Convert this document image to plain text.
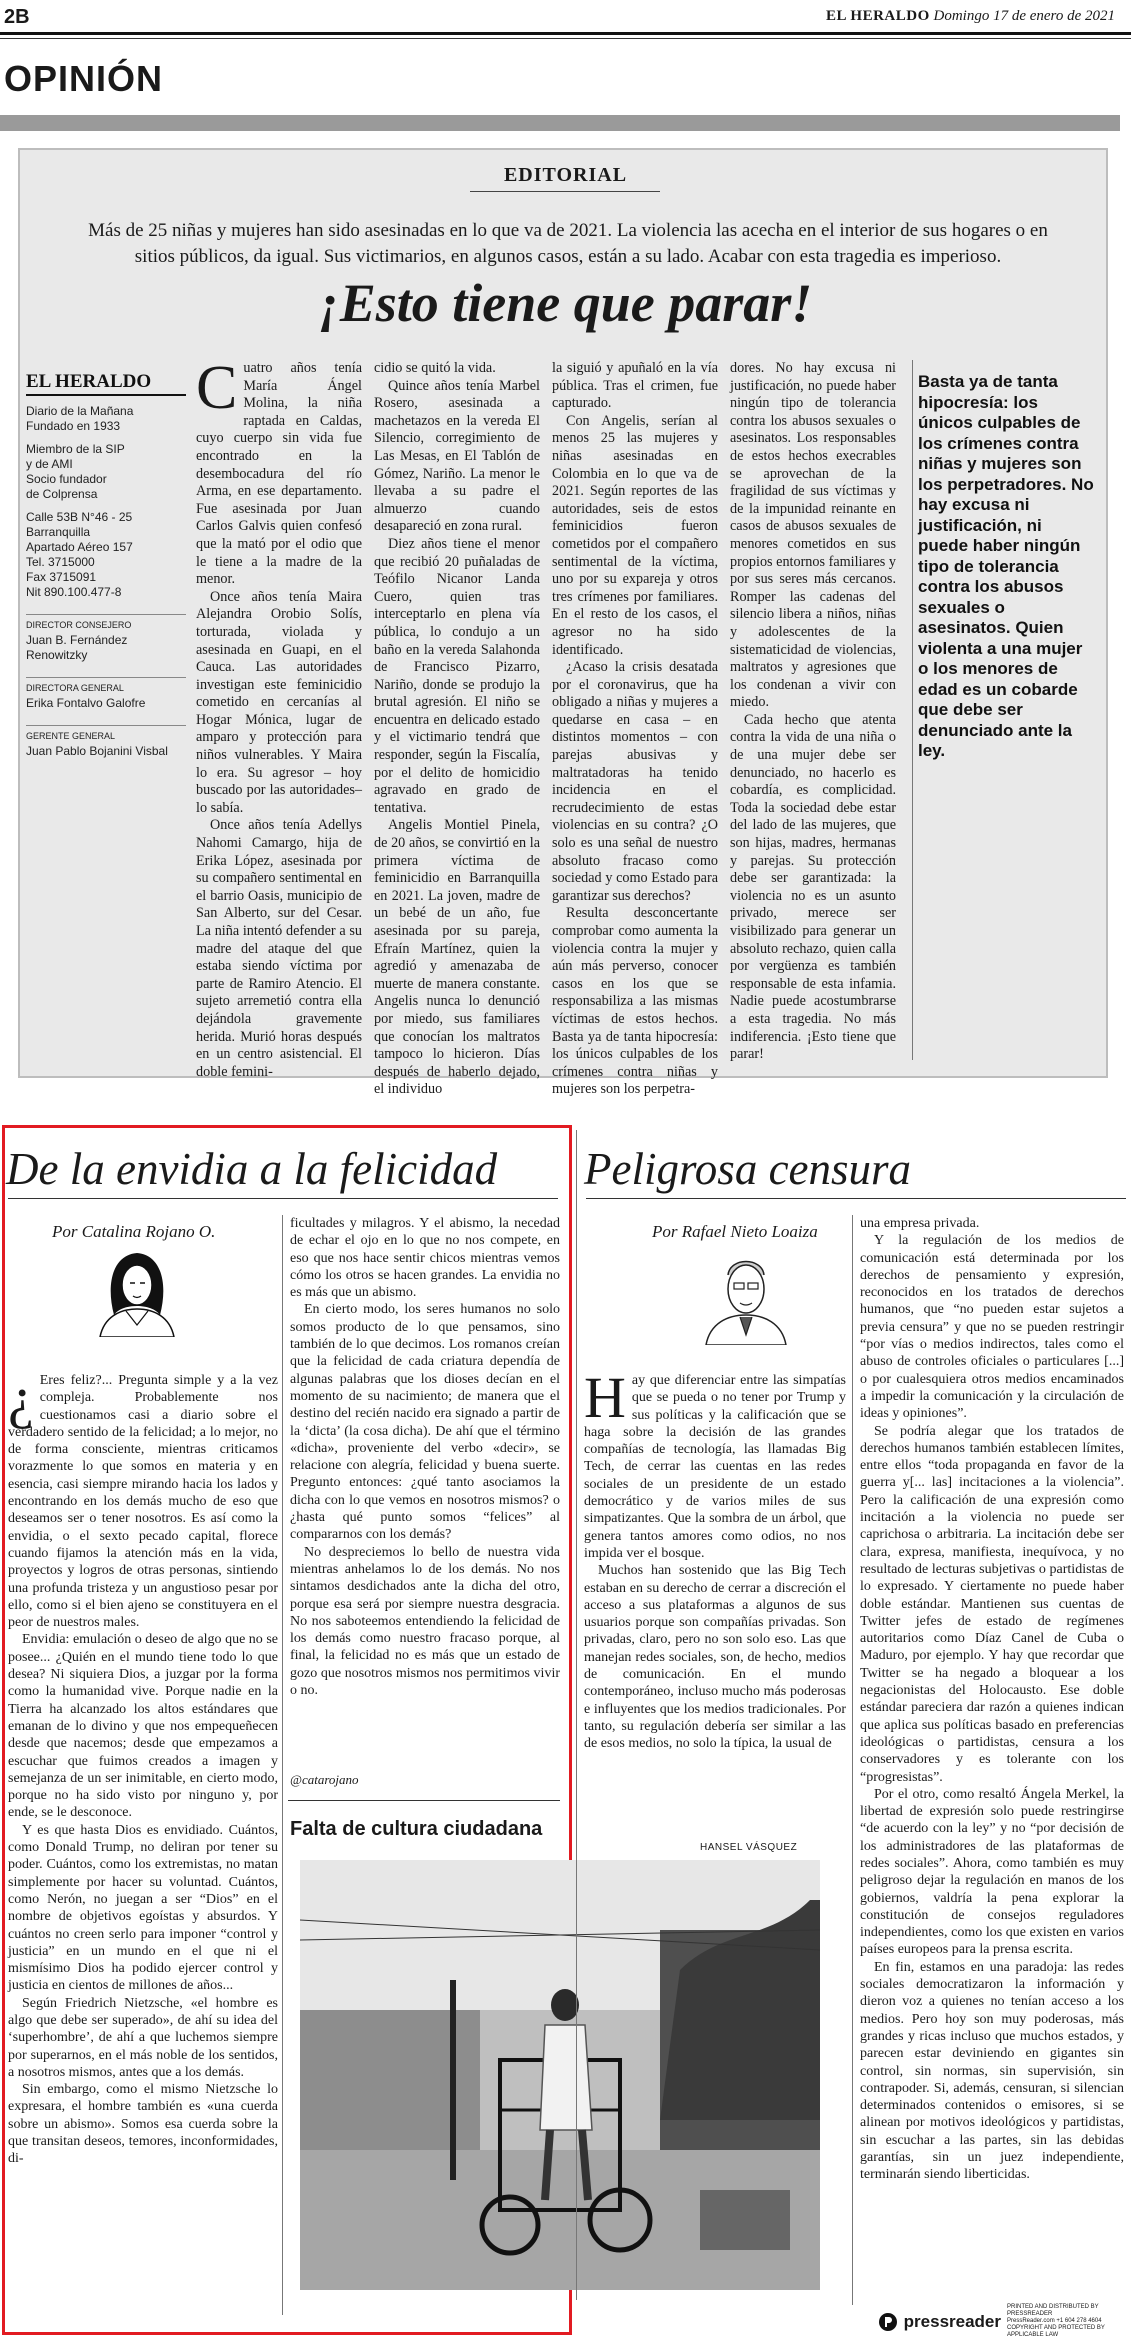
2B	EL HERALDO Domingo 17 de enero de 2021
OPINIÓN
EDITORIAL
Más de 25 niñas y mujeres han sido asesinadas en lo que va de 2021. La violencia las acecha en el interior de sus hogares o en sitios públicos, da igual. Sus victimarios, en algunos casos, están a su lado. Acabar con esta tragedia es imperioso.
¡Esto tiene que parar!
EL HERALDO
Diario de la Mañana
Fundado en 1933
Miembro de la SIP
y de AMI
Socio fundador
de Colprensa
Calle 53B N°46 - 25
Barranquilla
Apartado Aéreo 157
Tel. 3715000
Fax 3715091
Nit 890.100.477-8
DIRECTOR CONSEJERO
Juan B. Fernández
Renowitzky
DIRECTORA GENERAL
Erika Fontalvo Galofre
GERENTE GENERAL
Juan Pablo Bojanini Visbal

Cuatro años tenía María Ángel Molina, la niña raptada en Caldas, cuyo cuerpo sin vida fue encontrado en la desembocadura del río Arma, en ese departamento. Fue asesinada por Juan Carlos Galvis quien confesó que la mató por el odio que le tiene a la madre de la menor.

Once años tenía Maira Alejandra Orobio Solís, torturada, violada y asesinada en Guapi, en el Cauca. Las autoridades investigan este feminicidio cometido en cercanías al Hogar Mónica, lugar de amparo y protección para niños vulnerables. Y Maira lo era. Su agresor – hoy buscado por las autoridades– lo sabía.

Once años tenía Adellys Nahomi Camargo, hija de Erika López, asesinada por su compañero sentimental en el barrio Oasis, municipio de San Alberto, sur del Cesar. La niña intentó defender a su madre del ataque del que estaba siendo víctima por parte de Ramiro Atencio. El sujeto arremetió contra ella dejándola gravemente herida. Murió horas después en un centro asistencial. El doble femini-

cidio se quitó la vida.

Quince años tenía Marbel Rosero, asesinada a machetazos en la vereda El Silencio, corregimiento de Las Mesas, en El Tablón de Gómez, Nariño. La menor le llevaba a su padre el almuerzo cuando desapareció en zona rural.

Diez años tiene el menor que recibió 20 puñaladas de Teófilo Nicanor Landa Cuero, quien tras interceptarlo en plena vía pública, lo condujo a un baño en la vereda Salahonda de Francisco Pizarro, Nariño, donde se produjo la brutal agresión. El niño se encuentra en delicado estado y el victimario tendrá que responder, según la Fiscalía, por el delito de homicidio agravado en grado de tentativa.

Angelis Montiel Pinela, de 20 años, se convirtió en la primera víctima de feminicidio en Barranquilla en 2021. La joven, madre de un bebé de un año, fue asesinada por su pareja, Efraín Martínez, quien la agredió y amenazaba de muerte de manera constante. Angelis nunca lo denunció por miedo, sus familiares que conocían los maltratos tampoco lo hicieron. Días después de haberlo dejado, el individuo

la siguió y apuñaló en la vía pública. Tras el crimen, fue capturado.

Con Angelis, serían al menos 25 las mujeres y niñas asesinadas en Colombia en lo que va de 2021. Según reportes de las autoridades, seis de estos feminicidios fueron cometidos por el compañero sentimental de la víctima, uno por su expareja y otros tres crímenes por familiares. En el resto de los casos, el agresor no ha sido identificado.

¿Acaso la crisis desatada por el coronavirus, que ha obligado a niñas y mujeres a quedarse en casa – en distintos momentos – con parejas abusivas y maltratadoras ha tenido incidencia en el recrudecimiento de estas violencias en su contra? ¿O solo es una señal de nuestro absoluto fracaso como sociedad y como Estado para garantizar sus derechos?

Resulta desconcertante comprobar como aumenta la violencia contra la mujer y aún más perverso, conocer casos en los que se responsabiliza a las mismas víctimas de estos hechos. Basta ya de tanta hipocresía: los únicos culpables de los crímenes contra niñas y mujeres son los perpetra-

dores. No hay excusa ni justificación, no puede haber ningún tipo de tolerancia contra los abusos sexuales o asesinatos. Los responsables de estos hechos execrables se aprovechan de la fragilidad de sus víctimas y de la impunidad reinante en casos de abusos sexuales de menores cometidos en sus propios entornos familiares y por sus seres más cercanos. Romper las cadenas del silencio libera a niños, niñas y adolescentes de la sistematicidad de violencias, maltratos y agresiones que los condenan a vivir con miedo.

Cada hecho que atenta contra la vida de una niña o de una mujer debe ser denunciado, no hacerlo es cobardía, es complicidad. Toda la sociedad debe estar del lado de las mujeres, que son hijas, madres, hermanas y parejas. Su protección debe ser garantizada: la violencia no es un asunto privado, merece ser visibilizado para generar un absoluto rechazo, quien calla por vergüenza es también responsable de esta infamia. Nadie puede acostumbrarse a esta tragedia. No más indiferencia. ¡Esto tiene que parar!

Basta ya de tanta hipocresía: los únicos culpables de los crímenes contra niñas y mujeres son los perpetradores. No hay excusa ni justificación, ni puede haber ningún tipo de tolerancia contra los abusos sexuales o asesinatos. Quien violenta a una mujer o los menores de edad es un cobarde que debe ser denunciado ante la ley.
De la envidia a la felicidad
Por Catalina Rojano O.

¿ Eres feliz?... Pregunta simple y a la vez compleja. Probablemente nos cuestionamos casi a diario sobre el verdadero sentido de la felicidad; a lo mejor, no de forma consciente, mientras criticamos vorazmente lo que somos en materia y en esencia, casi siempre mirando hacia los lados y encontrando en los demás mucho de eso que deseamos ser o tener nosotros. Es así como la envidia, o el sexto pecado capital, florece cuando fijamos la atención más en la vida, proyectos y logros de otras personas, sintiendo una profunda tristeza y un angustioso pesar por ello, como si el bien ajeno se constituyera en el peor de nuestros males.

Envidia: emulación o deseo de algo que no se posee... ¿Quién en el mundo tiene todo lo que desea? Ni siquiera Dios, a juzgar por la forma como la humanidad vive. Porque nadie en la Tierra ha alcanzado los altos estándares que emanan de lo divino y que nos empequeñecen desde que nacemos; desde que empezamos a escuchar que fuimos creados a imagen y semejanza de un ser inimitable, en cierto modo, porque no ha sido visto por ninguno y, por ende, se le desconoce.

Y es que hasta Dios es envidiado. Cuántos, como Donald Trump, no deliran por tener su poder. Cuántos, como los extremistas, no matan simplemente por hacer su voluntad. Cuántos, como Nerón, no juegan a ser “Dios” en el nombre de objetivos egoístas y absurdos. Y cuántos no creen serlo para imponer “control y justicia” en un mundo en el que ni el mismísimo Dios ha podido ejercer control y justicia en cientos de millones de años...

Según Friedrich Nietzsche, «el hombre es algo que debe ser superado», de ahí su idea del ‘superhombre’, de ahí a que luchemos siempre por superarnos, en el más noble de los sentidos, a nosotros mismos, antes que a los demás.

Sin embargo, como el mismo Nietzsche lo expresara, el hombre también es «una cuerda sobre un abismo». Somos esa cuerda sobre la que transitan deseos, temores, inconformidades, di-

ficultades y milagros. Y el abismo, la necedad de echar el ojo en lo que no nos compete, en eso que nos hace sentir chicos mientras vemos cómo los otros se hacen grandes. La envidia no es más que un abismo.

En cierto modo, los seres humanos no solo somos producto de lo que pensamos, sino también de lo que decimos. Los romanos creían que la felicidad de cada criatura dependía de algunas palabras que los dioses decían en el momento de su nacimiento; de manera que el destino del recién nacido era signado a partir de la ‘dicta’ (la cosa dicha). De ahí que el término «dicha», proveniente del verbo «decir», se relacione con alegría, felicidad y buena suerte. Pregunto entonces: ¿qué tanto asociamos la dicha con lo que vemos en nosotros mismos? o ¿hasta qué punto somos “felices” al compararnos con los demás?

No despreciemos lo bello de nuestra vida mientras anhelamos lo de los demás. No nos sintamos desdichados ante la dicha del otro, porque esa será por siempre nuestra desgracia. No nos saboteemos entendiendo la felicidad de los demás como nuestro fracaso porque, al final, la felicidad no es más que un estado de gozo que nosotros mismos nos permitimos vivir o no.

@catarojano
Falta de cultura ciudadana
HANSEL VÁSQUEZ
Peligrosa censura
Por Rafael Nieto Loaiza

Hay que diferenciar entre las simpatías que se pueda o no tener por Trump y sus políticas y la calificación que se haga sobre la decisión de las grandes compañías de tecnología, las llamadas Big Tech, de cerrar las cuentas en las redes sociales de un presidente de un estado democrático y de varios miles de sus simpatizantes. Que la sombra de un árbol, que genera tantos amores como odios, no nos impida ver el bosque.

Muchos han sostenido que las Big Tech estaban en su derecho de cerrar a discreción el acceso a sus plataformas a algunos de sus usuarios porque son compañías privadas. Son privadas, claro, pero no son solo eso. Las que manejan redes sociales, son, de hecho, medios de comunicación. En el mundo contemporáneo, incluso mucho más poderosas e influyentes que los medios tradicionales. Por tanto, su regulación debería ser similar a las de esos medios, no solo la típica, la usual de

una empresa privada.

Y la regulación de los medios de comunicación está determinada por los derechos de pensamiento y expresión, reconocidos en los tratados de derechos humanos, que “no pueden estar sujetos a previa censura” y que no se pueden restringir “por vías o medios indirectos, tales como el abuso de controles oficiales o particulares [...] o por cualesquiera otros medios encaminados a impedir la comunicación y la circulación de ideas y opiniones”.

Se podría alegar que los tratados de derechos humanos también establecen límites, entre ellos “toda propaganda en favor de la guerra y[... las] incitaciones a la violencia”. Pero la calificación de una expresión como incitación a la violencia no puede ser caprichosa o arbitraria. La incitación debe ser clara, expresa, manifiesta, inequívoca, y no resultado de lecturas subjetivas o partidistas de lo expresado. Y ciertamente no puede haber doble estándar. Mantienen sus cuentas de Twitter jefes de estado de regímenes autoritarios como Díaz Canel de Cuba o Maduro, por ejemplo. Y hay que recordar que Twitter se ha negado a bloquear a los negacionistas del Holocausto. Ese doble estándar pareciera dar razón a quienes indican que aplica sus políticas basado en preferencias ideológicas o partidistas, censura a los conservadores y es tolerante con los “progresistas”.

Por el otro, como resaltó Ángela Merkel, la libertad de expresión solo puede restringirse “de acuerdo con la ley” y no “por decisión de los administradores de las plataformas de redes sociales”. Ahora, como también es muy peligroso dejar la regulación en manos de los gobiernos, valdría la pena explorar la constitución de consejos reguladores independientes, como los que existen en varios países europeos para la prensa escrita.

En fin, estamos en una paradoja: las redes sociales democratizaron la información y dieron voz a quienes no tenían acceso a los medios. Pero hoy son muy poderosas, más grandes y ricas incluso que muchos estados, y parecen estar deviniendo en gigantes sin control, sin normas, sin supervisión, sin contrapoder. Si, además, censuran, si silencian determinados contenidos o emisores, si se alinean por motivos ideológicos y partidistas, sin escuchar a las partes, sin las debidas garantías, sin un juez independiente, terminarán siendo liberticidas.

pressreader
PRINTED AND DISTRIBUTED BY PRESSREADER
PressReader.com +1 604 278 4604
COPYRIGHT AND PROTECTED BY APPLICABLE LAW
